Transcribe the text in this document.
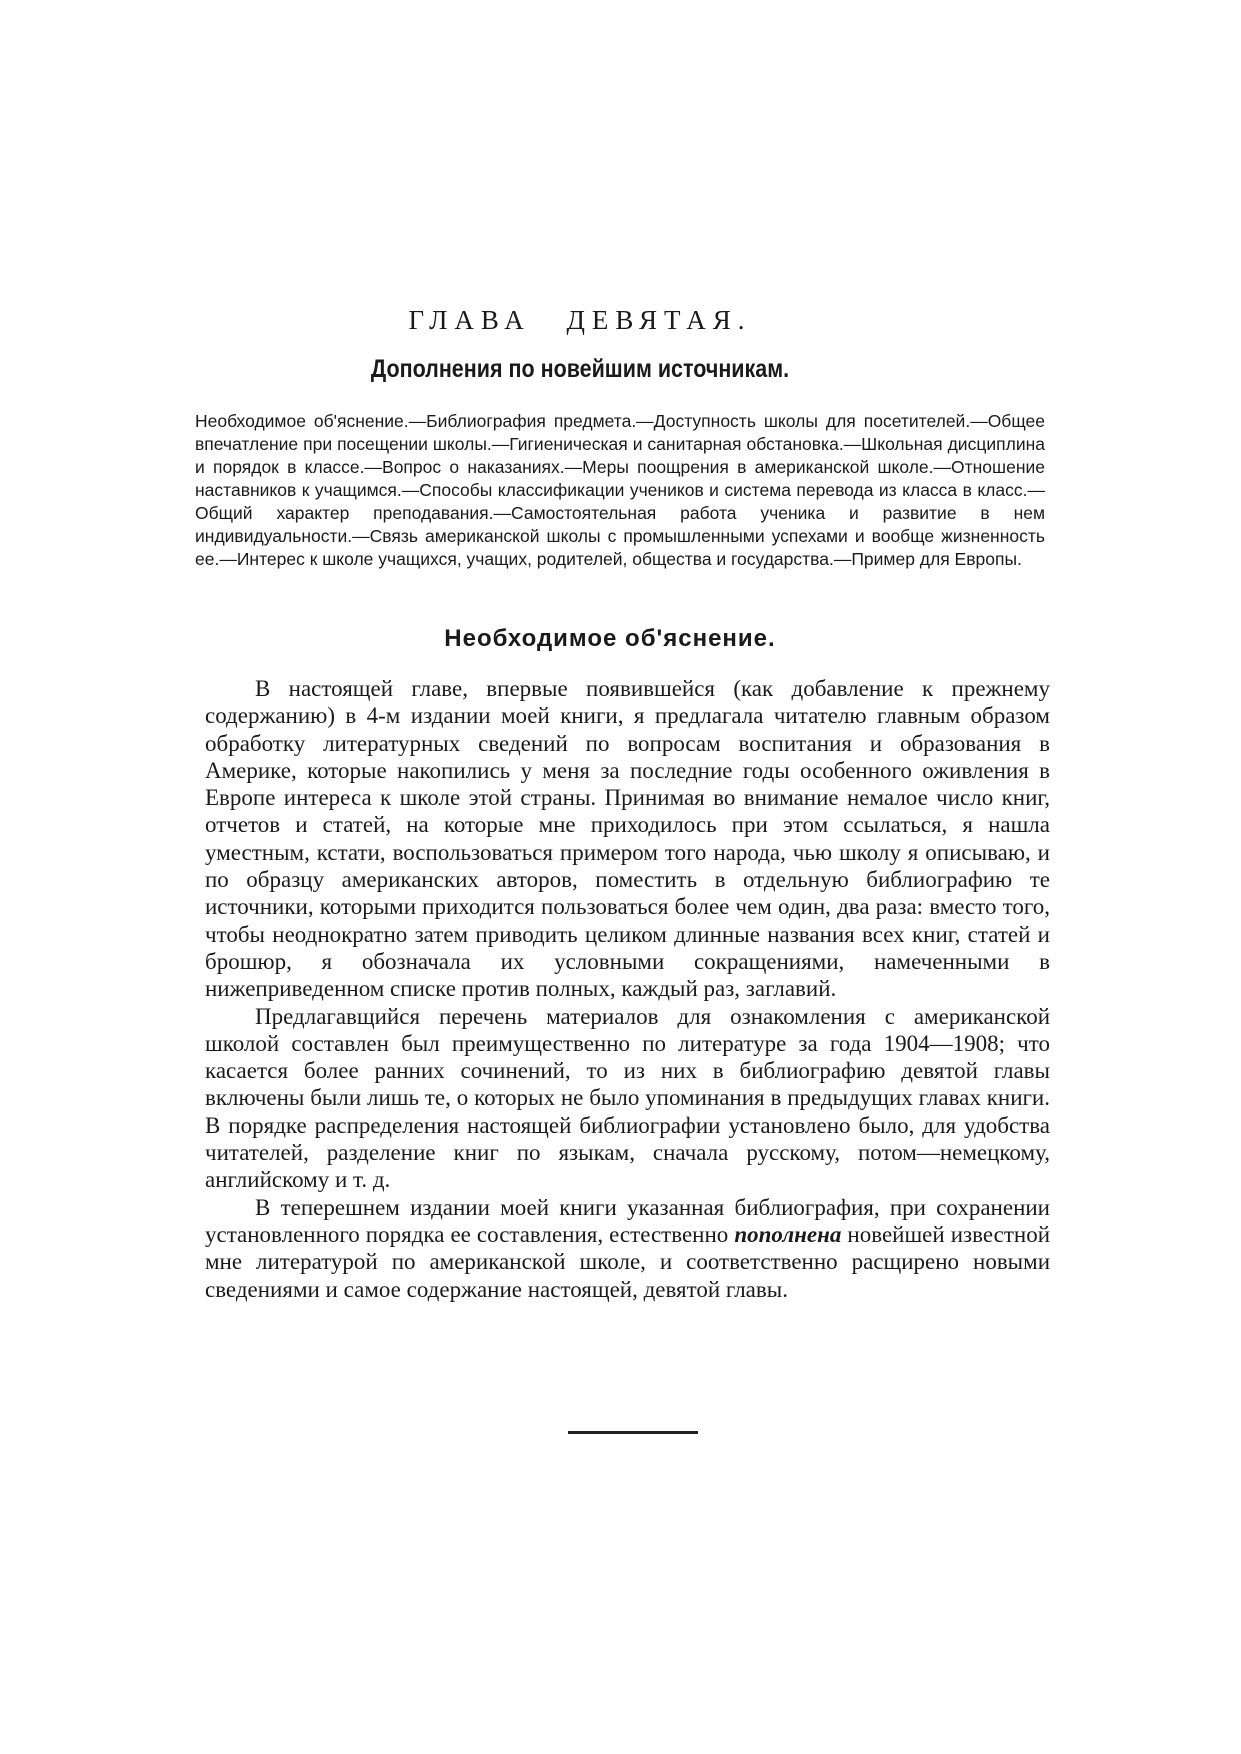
ГЛАВА ДЕВЯТАЯ.
Дополнения по новейшим источникам.
Необходимое об'яснение.—Библиография предмета.—Доступность школы для посетителей.—Общее впечатление при посещении школы.—Гигиеническая и санитарная обстановка.—Школьная дисциплина и порядок в классе.—Вопрос о наказаниях.—Меры поощрения в американской школе.—Отношение наставников к учащимся.—Способы классификации учеников и система перевода из класса в класс.—Общий характер преподавания.—Самостоятельная работа ученика и развитие в нем индивидуальности.—Связь американской школы с промышленными успехами и вообще жизненность ее.—Интерес к школе учащихся, учащих, родителей, общества и государства.—Пример для Европы.
Необходимое об'яснение.

В настоящей главе, впервые появившейся (как добавление к прежнему содержанию) в 4-м издании моей книги, я предлагала читателю главным образом обработку литературных сведений по вопросам воспитания и образования в Америке, которые накопились у меня за последние годы особенного оживления в Европе интереса к школе этой страны. Принимая во внимание немалое число книг, отчетов и статей, на которые мне приходилось при этом ссылаться, я нашла уместным, кстати, воспользоваться примером того народа, чью школу я описываю, и по образцу американских авторов, поместить в отдельную библиографию те источники, которыми приходится пользоваться более чем один, два раза: вместо того, чтобы неоднократно затем приводить целиком длинные названия всех книг, статей и брошюр, я обозначала их условными сокращениями, намеченными в нижеприведенном списке против полных, каждый раз, заглавий.

Предлагавщийся перечень материалов для ознакомления с американской школой составлен был преимущественно по литературе за года 1904—1908; что касается более ранних сочинений, то из них в библиографию девятой главы включены были лишь те, о которых не было упоминания в предыдущих главах книги. В порядке распределения настоящей библиографии установлено было, для удобства читателей, разделение книг по языкам, сначала русскому, потом—немецкому, английскому и т. д.

В теперешнем издании моей книги указанная библиография, при сохранении установленного порядка ее составления, естественно пополнена новейшей известной мне литературой по американской школе, и соответственно расщирено новыми сведениями и самое содержание настоящей, девятой главы.
